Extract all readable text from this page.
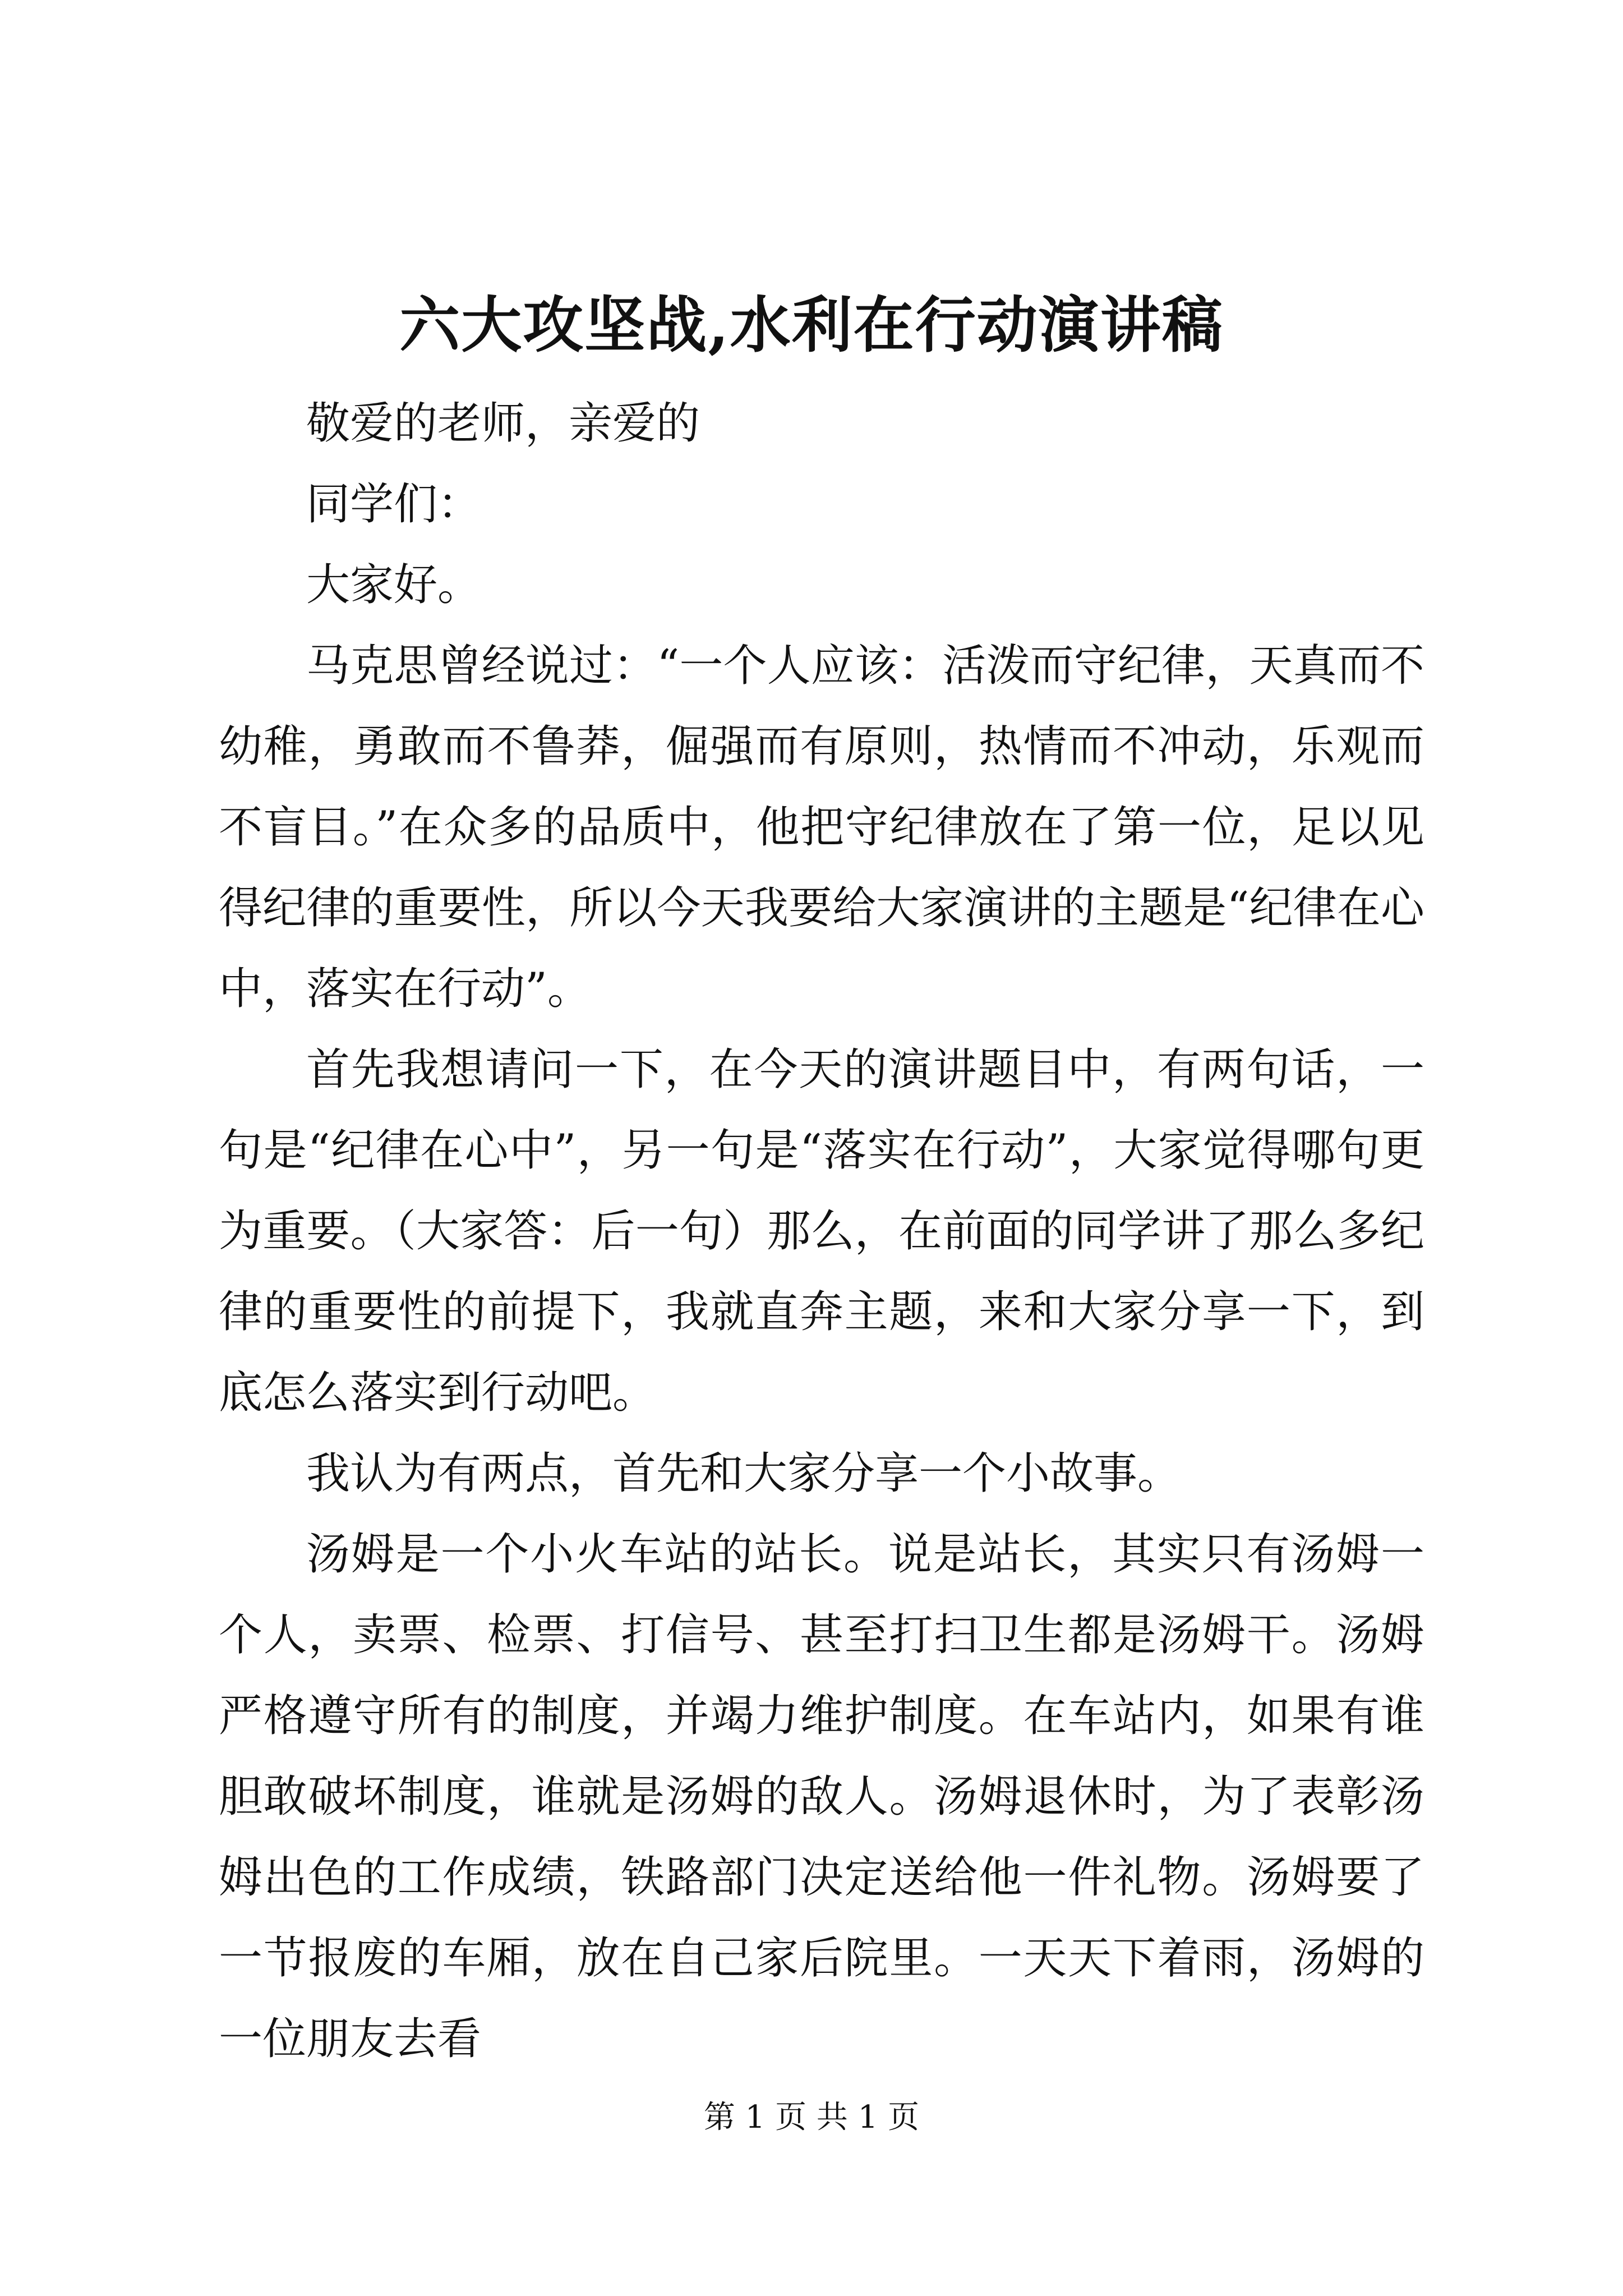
六大攻坚战,水利在行动演讲稿

敬爱的老师，亲爱的

同学们：

大家好。

马克思曾经说过：“一个人应该：活泼而守纪律，天真而不幼稚，勇敢而不鲁莽，倔强而有原则，热情而不冲动，乐观而不盲目。”在众多的品质中，他把守纪律放在了第一位，足以见得纪律的重要性，所以今天我要给大家演讲的主题是“纪律在心中，落实在行动”。

首先我想请问一下，在今天的演讲题目中，有两句话，一句是“纪律在心中”，另一句是“落实在行动”，大家觉得哪句更为重要。（大家答：后一句）那么，在前面的同学讲了那么多纪律的重要性的前提下，我就直奔主题，来和大家分享一下，到底怎么落实到行动吧。

我认为有两点，首先和大家分享一个小故事。

汤姆是一个小火车站的站长。说是站长，其实只有汤姆一个人，卖票、检票、打信号、甚至打扫卫生都是汤姆干。汤姆严格遵守所有的制度，并竭力维护制度。在车站内，如果有谁胆敢破坏制度，谁就是汤姆的敌人。汤姆退休时，为了表彰汤姆出色的工作成绩，铁路部门决定送给他一件礼物。汤姆要了一节报废的车厢，放在自己家后院里。一天天下着雨，汤姆的一位朋友去看

第 1 页 共 1 页
